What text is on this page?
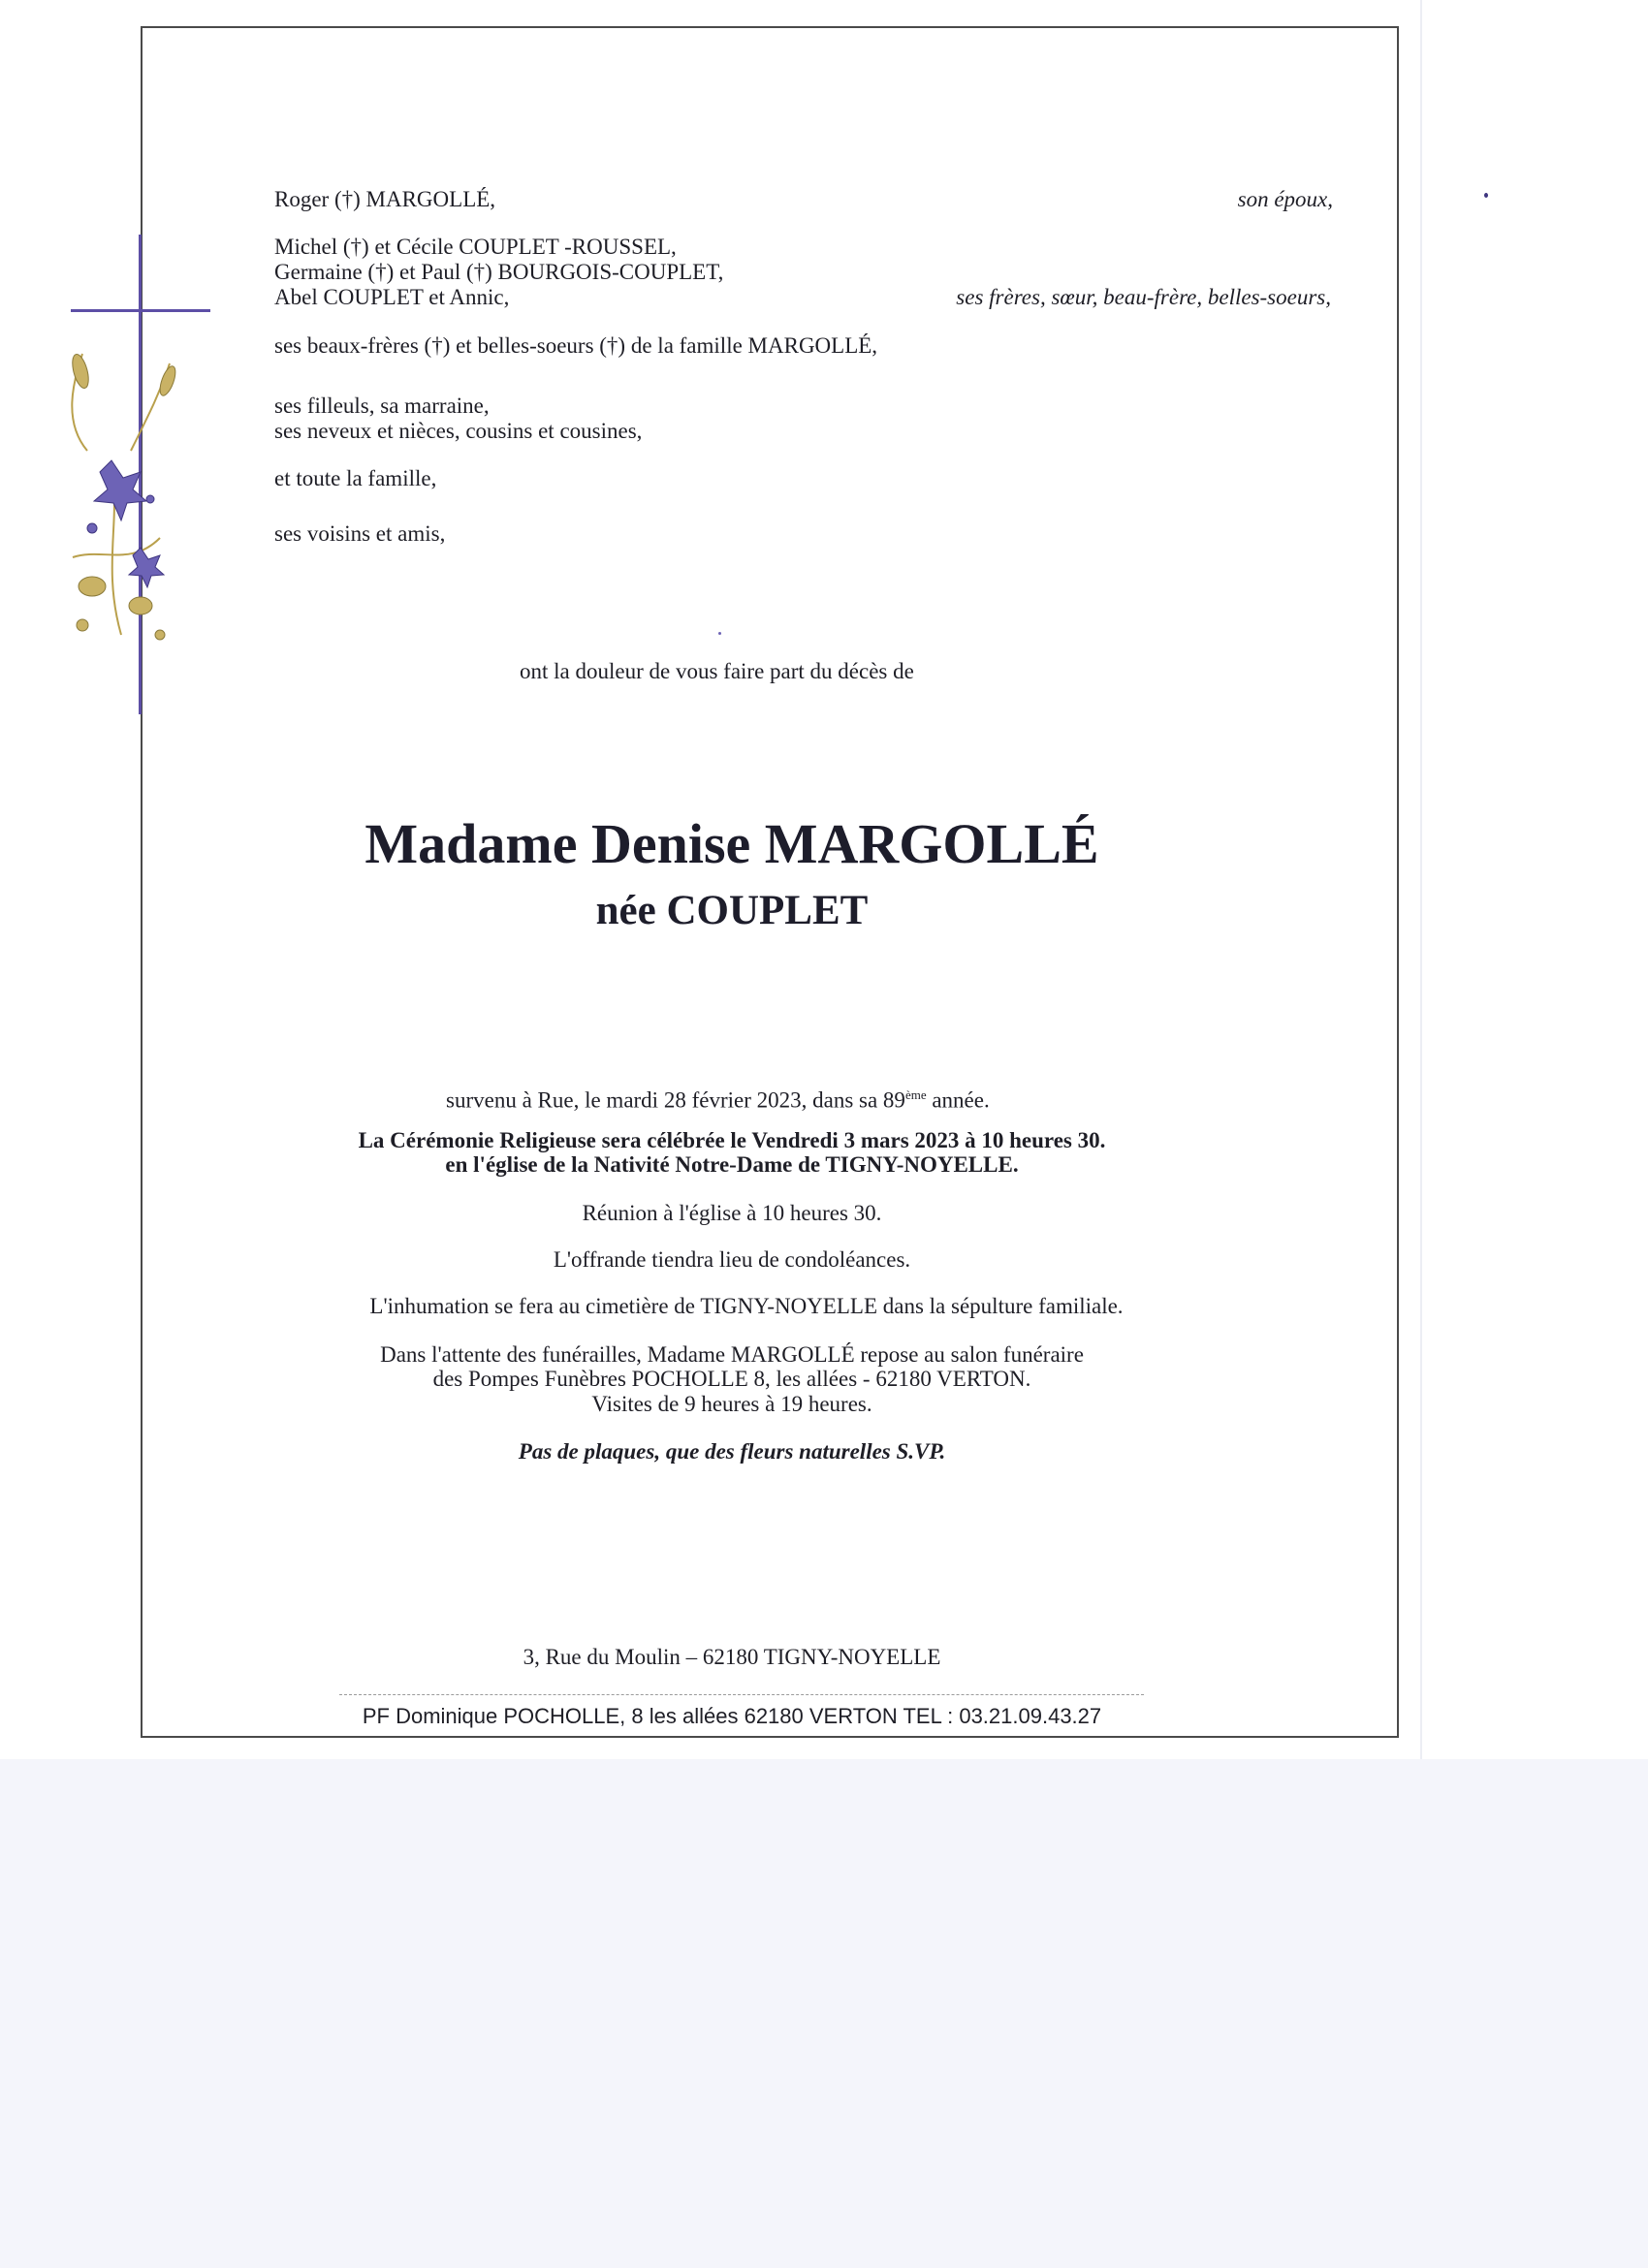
Roger (†) MARGOLLÉ,	son époux,
Michel (†) et Cécile COUPLET -ROUSSEL,
Germaine (†) et Paul (†) BOURGOIS-COUPLET,
Abel COUPLET et Annic,	ses frères, sœur, beau-frère, belles-soeurs,
ses beaux-frères (†) et belles-soeurs (†) de la famille MARGOLLÉ,
ses filleuls, sa marraine,
ses neveux et nièces, cousins et cousines,
et toute la famille,
ses voisins et amis,
ont la douleur de vous faire part du décès de
Madame Denise MARGOLLÉ
née COUPLET
survenu à Rue, le mardi 28 février 2023, dans sa 89ème année.
La Cérémonie Religieuse sera célébrée le Vendredi 3 mars 2023 à 10 heures 30.
en l'église de la Nativité Notre-Dame de TIGNY-NOYELLE.
Réunion à l'église à 10 heures 30.
L'offrande tiendra lieu de condoléances.
L'inhumation se fera au cimetière de TIGNY-NOYELLE dans la sépulture familiale.
Dans l'attente des funérailles, Madame MARGOLLÉ repose au salon funéraire
des Pompes Funèbres POCHOLLE 8, les allées - 62180 VERTON.
Visites de 9 heures à 19 heures.
Pas de plaques, que des fleurs naturelles S.VP.
3, Rue du Moulin – 62180 TIGNY-NOYELLE
PF Dominique POCHOLLE, 8 les allées 62180 VERTON TEL : 03.21.09.43.27
